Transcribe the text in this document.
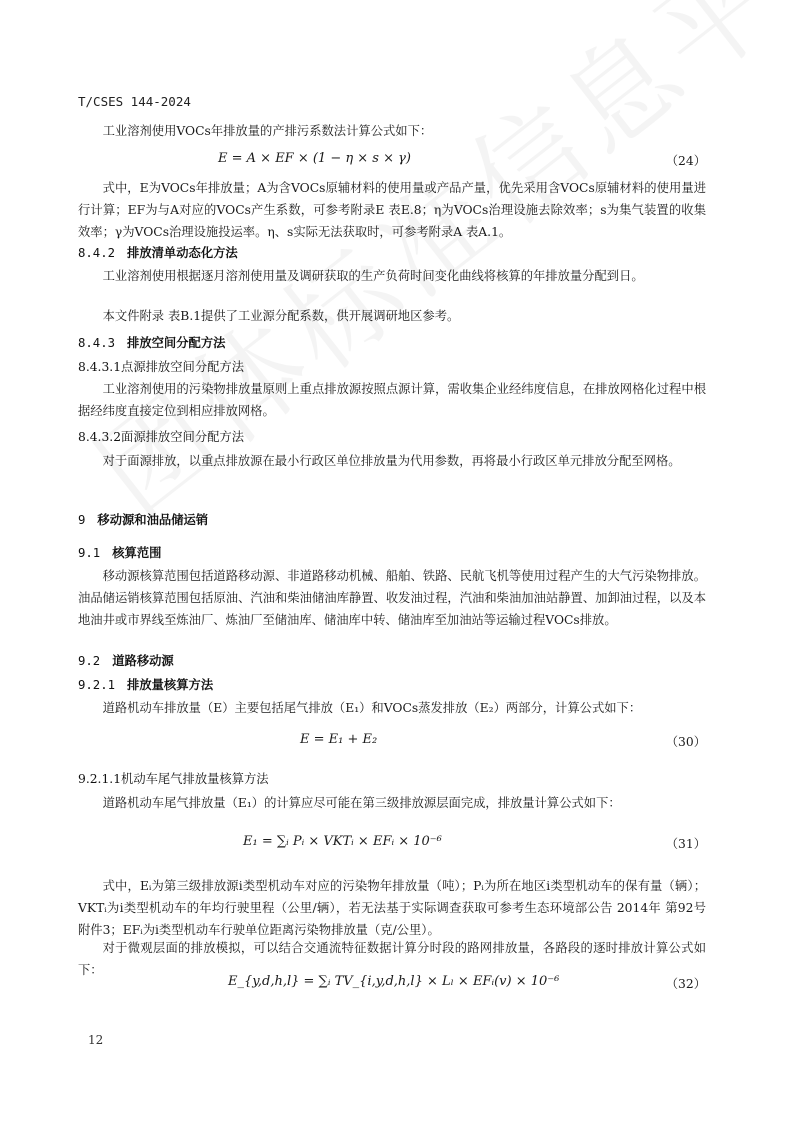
T/CSES 144-2024
工业溶剂使用VOCs年排放量的产排污系数法计算公式如下：
E = A × EF × (1 − η × s × γ)	（24）
式中，E为VOCs年排放量；A为含VOCs原辅材料的使用量或产品产量，优先采用含VOCs原辅材料的使用量进行计算；EF为与A对应的VOCs产生系数，可参考附录E 表E.8；η为VOCs治理设施去除效率；s为集气装置的收集效率；γ为VOCs治理设施投运率。η、s实际无法获取时，可参考附录A 表A.1。
8.4.2 排放清单动态化方法
工业溶剂使用根据逐月溶剂使用量及调研获取的生产负荷时间变化曲线将核算的年排放量分配到日。
本文件附录 表B.1提供了工业源分配系数，供开展调研地区参考。
8.4.3 排放空间分配方法
8.4.3.1点源排放空间分配方法
工业溶剂使用的污染物排放量原则上重点排放源按照点源计算，需收集企业经纬度信息，在排放网格化过程中根据经纬度直接定位到相应排放网格。
8.4.3.2面源排放空间分配方法
对于面源排放，以重点排放源在最小行政区单位排放量为代用参数，再将最小行政区单元排放分配至网格。
9 移动源和油品储运销
9.1 核算范围
移动源核算范围包括道路移动源、非道路移动机械、船舶、铁路、民航飞机等使用过程产生的大气污染物排放。油品储运销核算范围包括原油、汽油和柴油储油库静置、收发油过程，汽油和柴油加油站静置、加卸油过程，以及本地油井或市界线至炼油厂、炼油厂至储油库、储油库中转、储油库至加油站等运输过程VOCs排放。
9.2 道路移动源
9.2.1 排放量核算方法
道路机动车排放量（E）主要包括尾气排放（E₁）和VOCs蒸发排放（E₂）两部分，计算公式如下：
E = E₁ + E₂	（30）
9.2.1.1机动车尾气排放量核算方法
道路机动车尾气排放量（E₁）的计算应尽可能在第三级排放源层面完成，排放量计算公式如下：
E₁ = ∑ᵢ Pᵢ × VKTᵢ × EFᵢ × 10⁻⁶	（31）
式中，Eᵢ为第三级排放源i类型机动车对应的污染物年排放量（吨）；Pᵢ为所在地区i类型机动车的保有量（辆）；VKTᵢ为i类型机动车的年均行驶里程（公里/辆），若无法基于实际调查获取可参考生态环境部公告 2014年 第92号 附件3；EFᵢ为i类型机动车行驶单位距离污染物排放量（克/公里）。
对于微观层面的排放模拟，可以结合交通流特征数据计算分时段的路网排放量，各路段的逐时排放计算公式如下：
E_{y,d,h,l} = ∑ᵢ TV_{i,y,d,h,l} × Lₗ × EFᵢ(v) × 10⁻⁶	（32）
12
